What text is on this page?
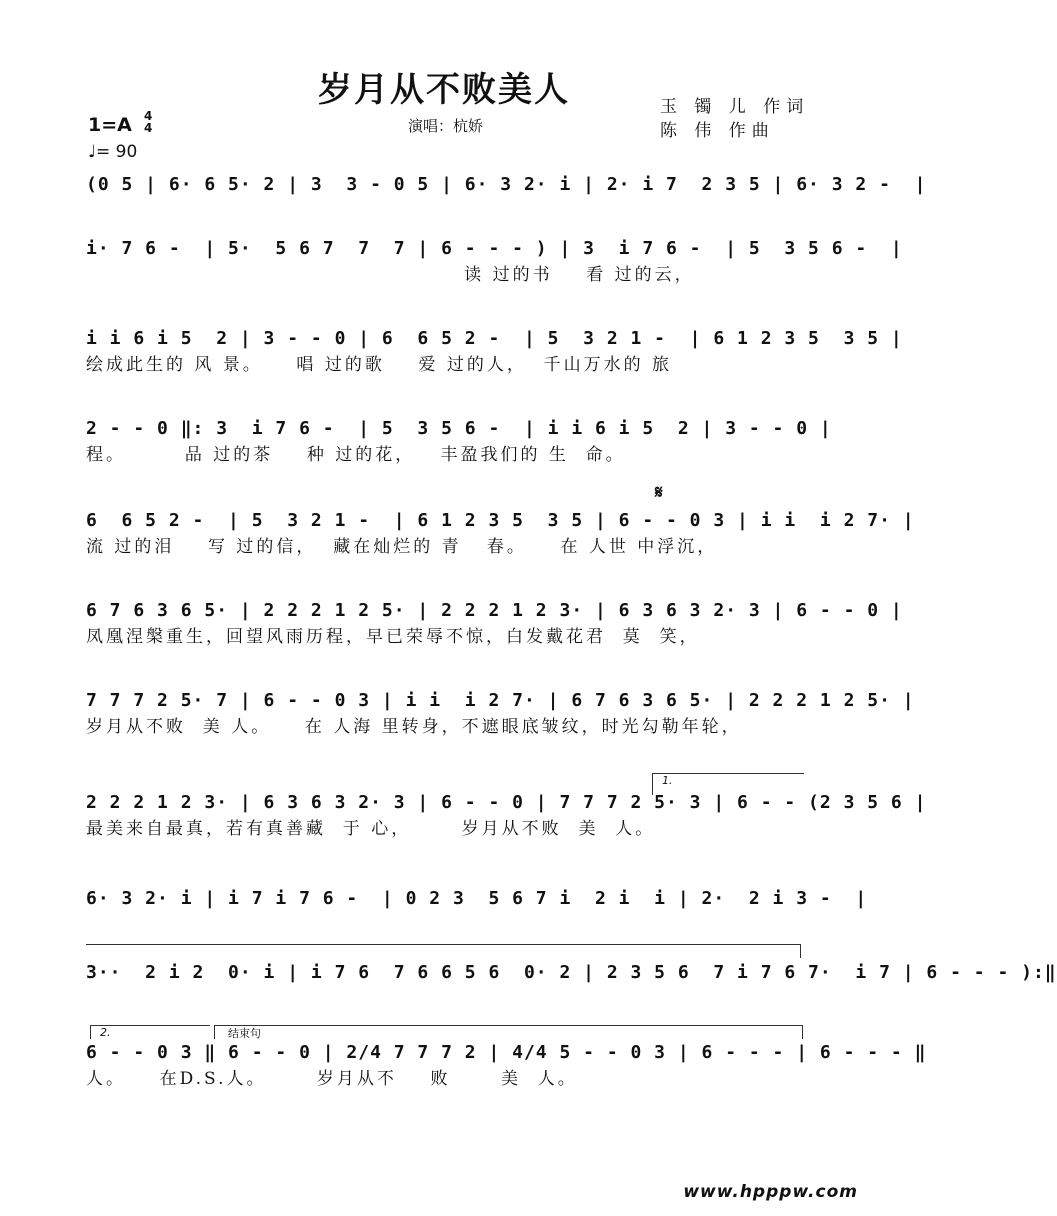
岁月从不败美人	玉 镯 儿 作词
陈 伟 作曲
演唱：杭娇
1=A 4
4
♩= 90
(0 5 | 6· 6 5· 2 | 3  3 - 0 5 | 6· 3 2· i | 2· i 7  2 3 5 | 6· 3 2 -  |
i· 7 6 -  | 5·  5 6 7  7  7 | 6 - - - ) | 3  i 7 6 -  | 5  3 5 6 -  |
读 过的书    看 过的云，
i i 6 i 5  2 | 3 - - 0 | 6  6 5 2 -  | 5  3 2 1 -  | 6 1 2 3 5  3 5 |
绘成此生的 风 景。    唱 过的歌    爱 过的人，  千山万水的 旅
2 - - 0 ‖: 3  i 7 6 -  | 5  3 5 6 -  | i i 6 i 5  2 | 3 - - 0 |
程。       品 过的茶    种 过的花，   丰盈我们的 生  命。
6  6 5 2 -  | 5  3 2 1 -  | 6 1 2 3 5  3 5 | 6 - - 0 3 | i i  i 2 7· |
流 过的泪    写 过的信，  藏在灿烂的 青   春。    在 人世 中浮沉，
6 7 6 3 6 5· | 2 2 2 1 2 5· | 2 2 2 1 2 3· | 6 3 6 3 2· 3 | 6 - - 0 |
凤凰涅槃重生，回望风雨历程，早已荣辱不惊，白发戴花君  莫  笑，
7 7 7 2 5· 7 | 6 - - 0 3 | i i  i 2 7· | 6 7 6 3 6 5· | 2 2 2 1 2 5· |
岁月从不败  美 人。    在 人海 里转身，不遮眼底皱纹，时光勾勒年轮，
2 2 2 1 2 3· | 6 3 6 3 2· 3 | 6 - - 0 | 7 7 7 2 5· 3 | 6 - - (2 3 5 6 |
最美来自最真，若有真善藏  于 心，      岁月从不败  美  人。
6· 3 2· i | i 7 i 7 6 -  | 0 2 3  5 6 7 i  2 i  i | 2·  2 i 3 -  |
3··  2 i 2  0· i | i 7 6  7 6 6 5 6  0· 2 | 2 3 5 6  7 i 7 6 7·  i 7 | 6 - - - ):‖
6 - - 0 3 ‖ 6 - - 0 | 2/4 7 7 7 2 | 4/4 5 - - 0 3 | 6 - - - | 6 - - - ‖
人。    在D.S.人。      岁月从不    败      美  人。
𝄋
1.
2.	结束句
www.hpppw.com
